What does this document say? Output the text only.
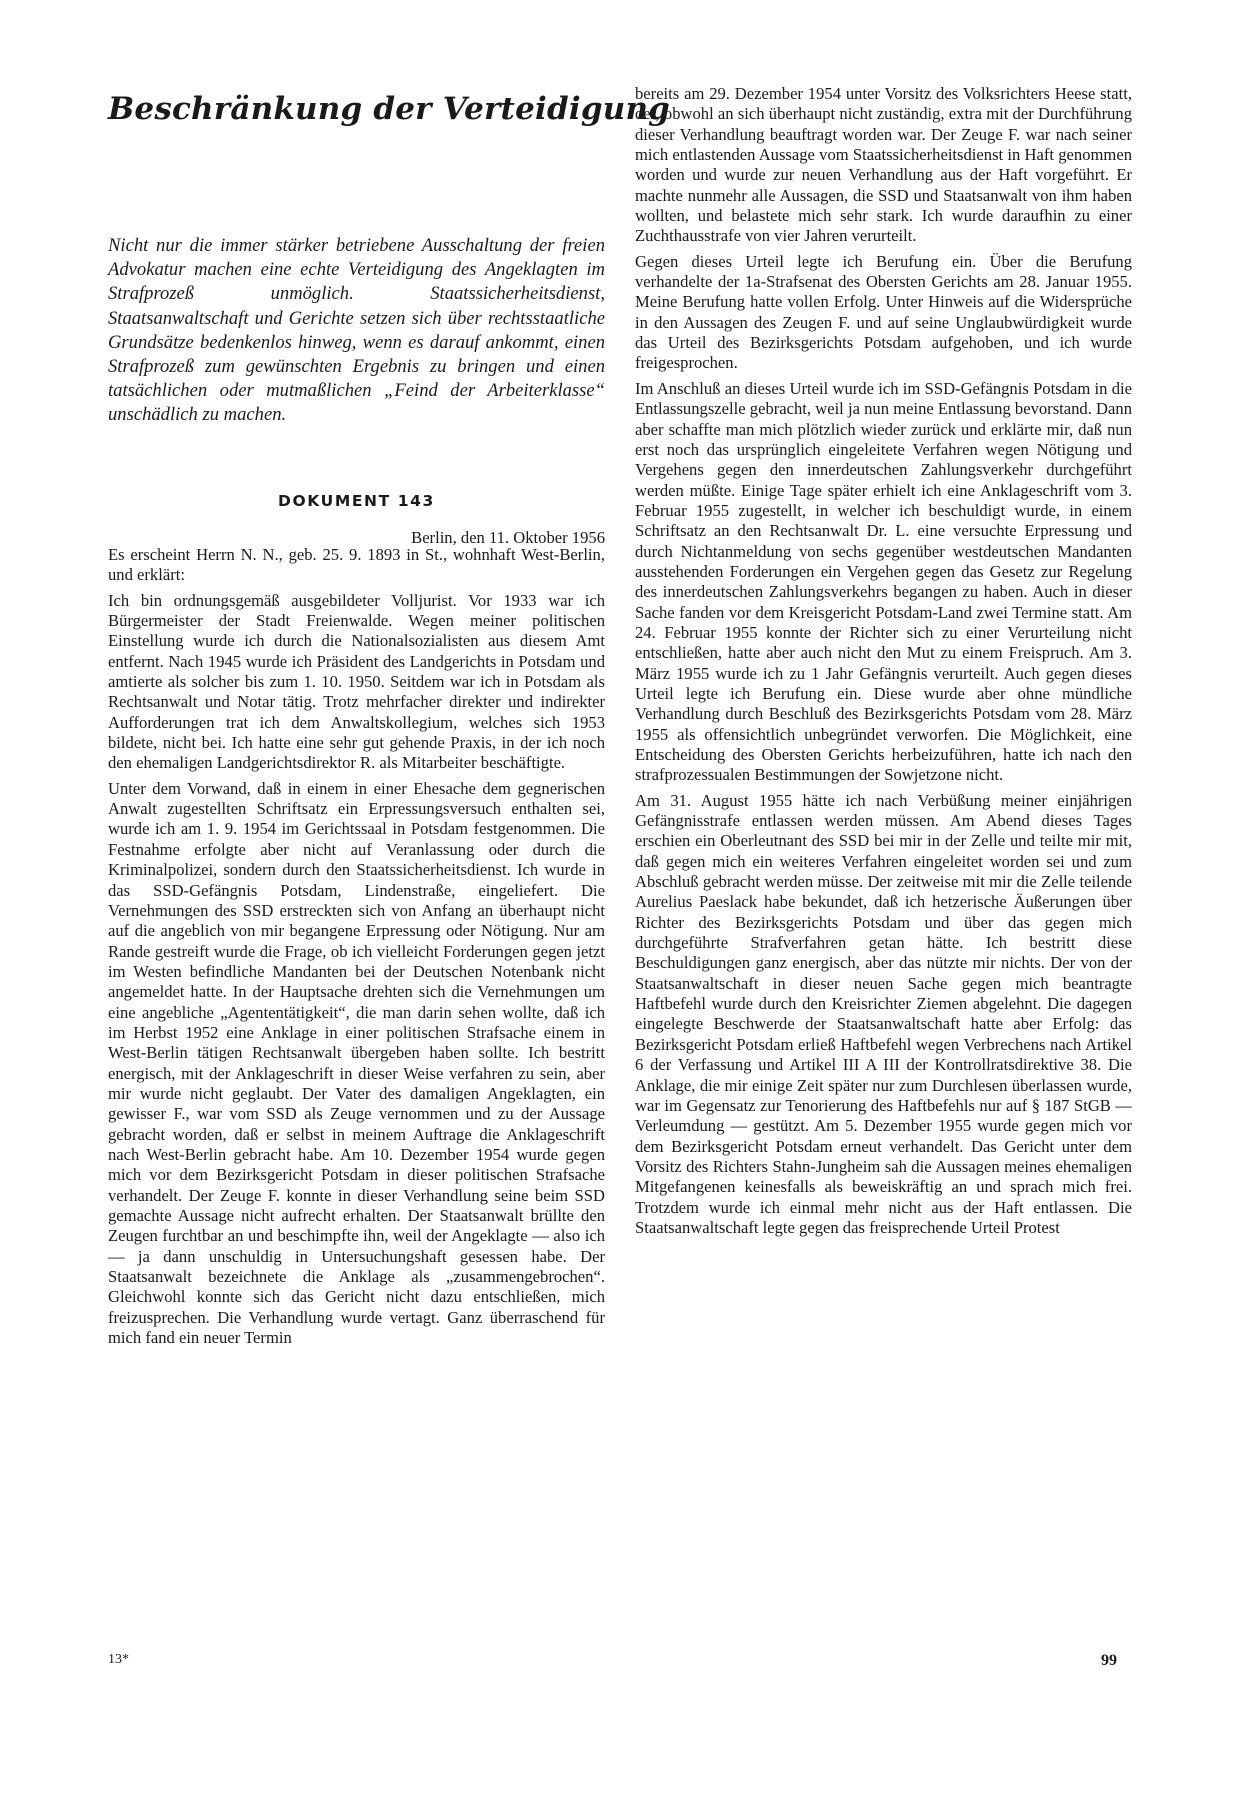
Beschränkung der Verteidigung

Nicht nur die immer stärker betriebene Ausschaltung der freien Advokatur machen eine echte Verteidigung des Angeklagten im Strafprozeß unmöglich. Staatssicherheitsdienst, Staatsanwaltschaft und Gerichte setzen sich über rechtsstaatliche Grundsätze bedenkenlos hinweg, wenn es darauf ankommt, einen Strafprozeß zum gewünschten Ergebnis zu bringen und einen tatsächlichen oder mutmaßlichen „Feind der Arbeiterklasse“ unschädlich zu machen.

DOKUMENT 143

Berlin, den 11. Oktober 1956

Es erscheint Herrn N. N., geb. 25. 9. 1893 in St., wohnhaft West-Berlin, und erklärt:

Ich bin ordnungsgemäß ausgebildeter Volljurist. Vor 1933 war ich Bürgermeister der Stadt Freienwalde. Wegen meiner politischen Einstellung wurde ich durch die Nationalsozialisten aus diesem Amt entfernt. Nach 1945 wurde ich Präsident des Landgerichts in Potsdam und amtierte als solcher bis zum 1. 10. 1950. Seitdem war ich in Potsdam als Rechtsanwalt und Notar tätig. Trotz mehrfacher direkter und indirekter Aufforderungen trat ich dem Anwaltskollegium, welches sich 1953 bildete, nicht bei. Ich hatte eine sehr gut gehende Praxis, in der ich noch den ehemaligen Landgerichtsdirektor R. als Mitarbeiter beschäftigte.

Unter dem Vorwand, daß in einem in einer Ehesache dem gegnerischen Anwalt zugestellten Schriftsatz ein Erpressungsversuch enthalten sei, wurde ich am 1. 9. 1954 im Gerichtssaal in Potsdam festgenommen. Die Festnahme erfolgte aber nicht auf Veranlassung oder durch die Kriminalpolizei, sondern durch den Staatssicherheitsdienst. Ich wurde in das SSD-Gefängnis Potsdam, Lindenstraße, eingeliefert. Die Vernehmungen des SSD erstreckten sich von Anfang an überhaupt nicht auf die angeblich von mir begangene Erpressung oder Nötigung. Nur am Rande gestreift wurde die Frage, ob ich vielleicht Forderungen gegen jetzt im Westen befindliche Mandanten bei der Deutschen Notenbank nicht angemeldet hatte. In der Hauptsache drehten sich die Vernehmungen um eine angebliche „Agententätigkeit“, die man darin sehen wollte, daß ich im Herbst 1952 eine Anklage in einer politischen Strafsache einem in West-Berlin tätigen Rechtsanwalt übergeben haben sollte. Ich bestritt energisch, mit der Anklageschrift in dieser Weise verfahren zu sein, aber mir wurde nicht geglaubt. Der Vater des damaligen Angeklagten, ein gewisser F., war vom SSD als Zeuge vernommen und zu der Aussage gebracht worden, daß er selbst in meinem Auftrage die Anklageschrift nach West-Berlin gebracht habe. Am 10. Dezember 1954 wurde gegen mich vor dem Bezirksgericht Potsdam in dieser politischen Strafsache verhandelt. Der Zeuge F. konnte in dieser Verhandlung seine beim SSD gemachte Aussage nicht aufrecht erhalten. Der Staatsanwalt brüllte den Zeugen furchtbar an und beschimpfte ihn, weil der Angeklagte — also ich — ja dann unschuldig in Untersuchungshaft gesessen habe. Der Staatsanwalt bezeichnete die Anklage als „zusammengebrochen“. Gleichwohl konnte sich das Gericht nicht dazu entschließen, mich freizusprechen. Die Verhandlung wurde vertagt. Ganz überraschend für mich fand ein neuer Termin

bereits am 29. Dezember 1954 unter Vorsitz des Volksrichters Heese statt, der, obwohl an sich überhaupt nicht zuständig, extra mit der Durchführung dieser Verhandlung beauftragt worden war. Der Zeuge F. war nach seiner mich entlastenden Aussage vom Staatssicherheitsdienst in Haft genommen worden und wurde zur neuen Verhandlung aus der Haft vorgeführt. Er machte nunmehr alle Aussagen, die SSD und Staatsanwalt von ihm haben wollten, und belastete mich sehr stark. Ich wurde daraufhin zu einer Zuchthausstrafe von vier Jahren verurteilt.

Gegen dieses Urteil legte ich Berufung ein. Über die Berufung verhandelte der 1a-Strafsenat des Obersten Gerichts am 28. Januar 1955. Meine Berufung hatte vollen Erfolg. Unter Hinweis auf die Widersprüche in den Aussagen des Zeugen F. und auf seine Unglaubwürdigkeit wurde das Urteil des Bezirksgerichts Potsdam aufgehoben, und ich wurde freigesprochen.

Im Anschluß an dieses Urteil wurde ich im SSD-Gefängnis Potsdam in die Entlassungszelle gebracht, weil ja nun meine Entlassung bevorstand. Dann aber schaffte man mich plötzlich wieder zurück und erklärte mir, daß nun erst noch das ursprünglich eingeleitete Verfahren wegen Nötigung und Vergehens gegen den innerdeutschen Zahlungsverkehr durchgeführt werden müßte. Einige Tage später erhielt ich eine Anklageschrift vom 3. Februar 1955 zugestellt, in welcher ich beschuldigt wurde, in einem Schriftsatz an den Rechtsanwalt Dr. L. eine versuchte Erpressung und durch Nichtanmeldung von sechs gegenüber westdeutschen Mandanten ausstehenden Forderungen ein Vergehen gegen das Gesetz zur Regelung des innerdeutschen Zahlungsverkehrs begangen zu haben. Auch in dieser Sache fanden vor dem Kreisgericht Potsdam-Land zwei Termine statt. Am 24. Februar 1955 konnte der Richter sich zu einer Verurteilung nicht entschließen, hatte aber auch nicht den Mut zu einem Freispruch. Am 3. März 1955 wurde ich zu 1 Jahr Gefängnis verurteilt. Auch gegen dieses Urteil legte ich Berufung ein. Diese wurde aber ohne mündliche Verhandlung durch Beschluß des Bezirksgerichts Potsdam vom 28. März 1955 als offensichtlich unbegründet verworfen. Die Möglichkeit, eine Entscheidung des Obersten Gerichts herbeizuführen, hatte ich nach den strafprozessualen Bestimmungen der Sowjetzone nicht.

Am 31. August 1955 hätte ich nach Verbüßung meiner einjährigen Gefängnisstrafe entlassen werden müssen. Am Abend dieses Tages erschien ein Oberleutnant des SSD bei mir in der Zelle und teilte mir mit, daß gegen mich ein weiteres Verfahren eingeleitet worden sei und zum Abschluß gebracht werden müsse. Der zeitweise mit mir die Zelle teilende Aurelius Paeslack habe bekundet, daß ich hetzerische Äußerungen über Richter des Bezirksgerichts Potsdam und über das gegen mich durchgeführte Strafverfahren getan hätte. Ich bestritt diese Beschuldigungen ganz energisch, aber das nützte mir nichts. Der von der Staatsanwaltschaft in dieser neuen Sache gegen mich beantragte Haftbefehl wurde durch den Kreisrichter Ziemen abgelehnt. Die dagegen eingelegte Beschwerde der Staatsanwaltschaft hatte aber Erfolg: das Bezirksgericht Potsdam erließ Haftbefehl wegen Verbrechens nach Artikel 6 der Verfassung und Artikel III A III der Kontrollratsdirektive 38. Die Anklage, die mir einige Zeit später nur zum Durchlesen überlassen wurde, war im Gegensatz zur Tenorierung des Haftbefehls nur auf § 187 StGB — Verleumdung — gestützt. Am 5. Dezember 1955 wurde gegen mich vor dem Bezirksgericht Potsdam erneut verhandelt. Das Gericht unter dem Vorsitz des Richters Stahn-Jungheim sah die Aussagen meines ehemaligen Mitgefangenen keinesfalls als beweiskräftig an und sprach mich frei. Trotzdem wurde ich einmal mehr nicht aus der Haft entlassen. Die Staatsanwaltschaft legte gegen das freisprechende Urteil Protest

13*	99
